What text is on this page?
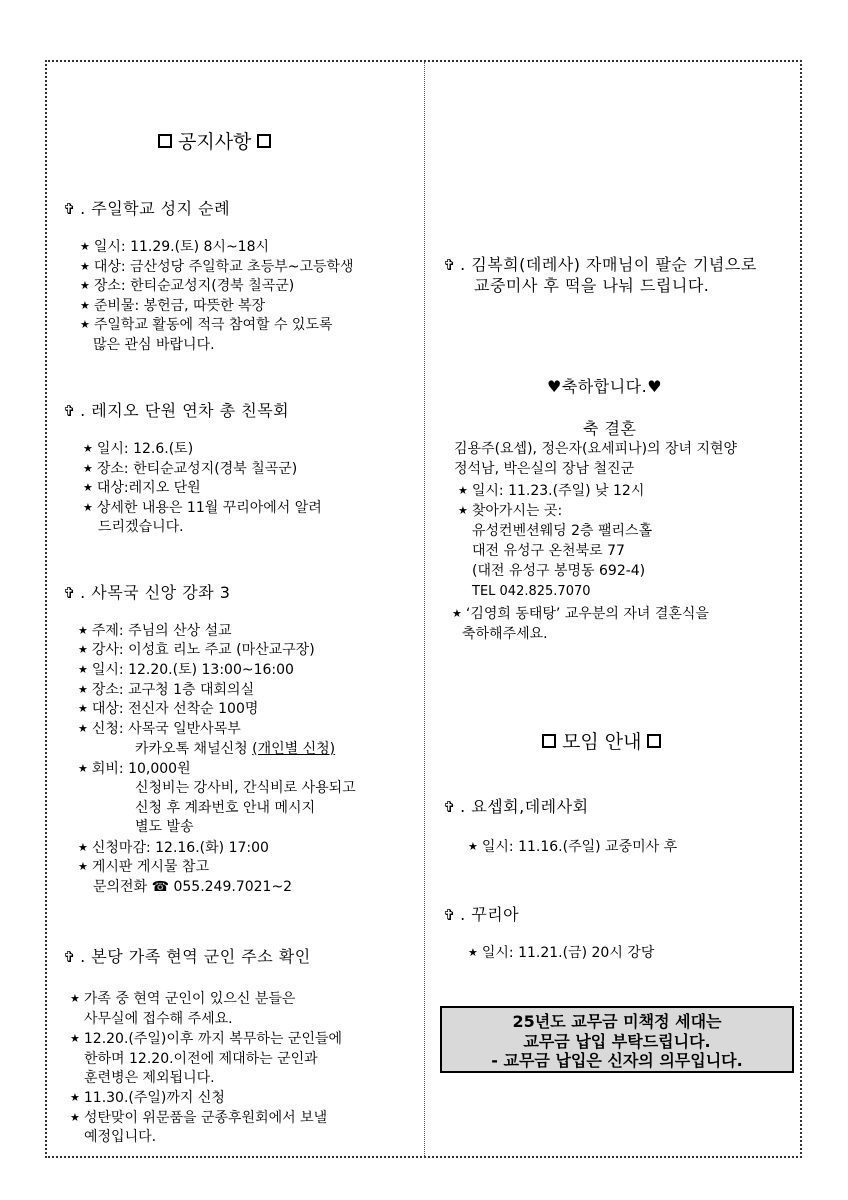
공지사항
✞ . 주일학교 성지 순례
★ 일시: 11.29.(토) 8시~18시
★ 대상: 금산성당 주일학교 초등부~고등학생
★ 장소: 한티순교성지(경북 칠곡군)
★ 준비물: 봉헌금, 따뜻한 복장
★ 주일학교 활동에 적극 참여할 수 있도록
많은 관심 바랍니다.
✞ . 레지오 단원 연차 총 친목회
★ 일시: 12.6.(토)
★ 장소: 한티순교성지(경북 칠곡군)
★ 대상:레지오 단원
★ 상세한 내용은 11월 꾸리아에서 알려
드리겠습니다.
✞ . 사목국 신앙 강좌 3
★ 주제: 주님의 산상 설교
★ 강사: 이성효 리노 주교 (마산교구장)
★ 일시: 12.20.(토) 13:00~16:00
★ 장소: 교구청 1층 대회의실
★ 대상: 전신자 선착순 100명
★ 신청: 사목국 일반사목부
카카오톡 채널신청 (개인별 신청)
★ 회비: 10,000원
신청비는 강사비, 간식비로 사용되고
신청 후 계좌번호 안내 메시지
별도 발송
★ 신청마감: 12.16.(화) 17:00
★ 게시판 게시물 참고
문의전화 ☎ 055.249.7021~2
✞ . 본당 가족 현역 군인 주소 확인
★ 가족 중 현역 군인이 있으신 분들은
사무실에 접수해 주세요.
★ 12.20.(주일)이후 까지 복무하는 군인들에
한하며 12.20.이전에 제대하는 군인과
훈련병은 제외됩니다.
★ 11.30.(주일)까지 신청
★ 성탄맞이 위문품을 군종후원회에서 보낼
예정입니다.
✞ . 김복희(데레사) 자매님이 팔순 기념으로
교중미사 후 떡을 나눠 드립니다.
♥축하합니다.♥
축 결혼
김용주(요셉), 정은자(요세피나)의 장녀 지현양
정석남, 박은실의 장남 철진군
★ 일시: 11.23.(주일) 낮 12시
★ 찾아가시는 곳:
유성컨벤션웨딩 2층 팰리스홀
대전 유성구 온천북로 77
(대전 유성구 봉명동 692-4)
TEL 042.825.7070
★ ‘김영희 동태탕’ 교우분의 자녀 결혼식을
축하해주세요.
모임 안내
✞ . 요셉회,데레사회
★ 일시: 11.16.(주일) 교중미사 후
✞ . 꾸리아
★ 일시: 11.21.(금) 20시 강당
25년도 교무금 미책정 세대는
교무금 납입 부탁드립니다.
- 교무금 납입은 신자의 의무입니다.
